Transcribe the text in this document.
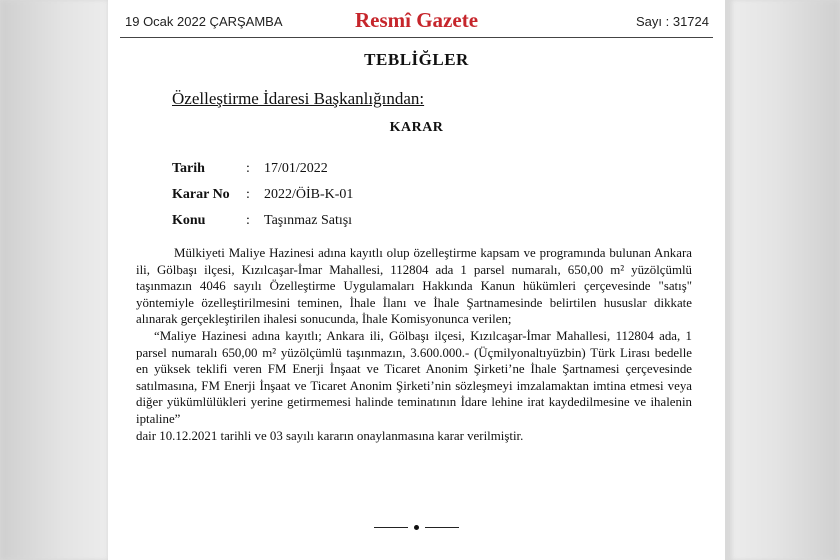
19 Ocak 2022 ÇARŞAMBA	Resmî Gazete	Sayı : 31724
TEBLİĞLER
Özelleştirme İdaresi Başkanlığından:
KARAR
Tarih	:	17/01/2022
Karar No	:	2022/ÖİB-K-01
Konu	:	Taşınmaz Satışı

Mülkiyeti Maliye Hazinesi adına kayıtlı olup özelleştirme kapsam ve programında bulunan Ankara ili, Gölbaşı ilçesi, Kızılcaşar-İmar Mahallesi, 112804 ada 1 parsel numaralı, 650,00 m² yüzölçümlü taşınmazın 4046 sayılı Özelleştirme Uygulamaları Hakkında Kanun hükümleri çerçevesinde "satış" yöntemiyle özelleştirilmesini teminen, İhale İlanı ve İhale Şartnamesinde belirtilen hususlar dikkate alınarak gerçekleştirilen ihalesi sonucunda, İhale Komisyonunca verilen;

“Maliye Hazinesi adına kayıtlı; Ankara ili, Gölbaşı ilçesi, Kızılcaşar-İmar Mahallesi, 112804 ada, 1 parsel numaralı 650,00 m² yüzölçümlü taşınmazın, 3.600.000.- (Üçmilyonaltıyüzbin) Türk Lirası bedelle en yüksek teklifi veren FM Enerji İnşaat ve Ticaret Anonim Şirketi’ne İhale Şartnamesi çerçevesinde satılmasına, FM Enerji İnşaat ve Ticaret Anonim Şirketi’nin sözleşmeyi imzalamaktan imtina etmesi veya diğer yükümlülükleri yerine getirmemesi halinde teminatının İdare lehine irat kaydedilmesine ve ihalenin iptaline”

dair 10.12.2021 tarihli ve 03 sayılı kararın onaylanmasına karar verilmiştir.
